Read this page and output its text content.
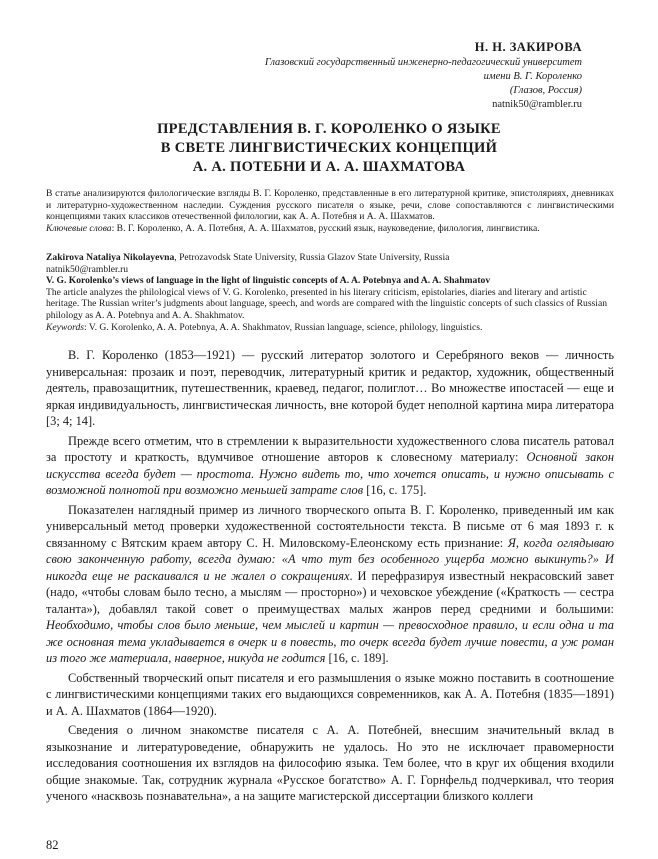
Н. Н. ЗАКИРОВА
Глазовский государственный инженерно-педагогический университет
имени В. Г. Короленко
(Глазов, Россия)
natnik50@rambler.ru
ПРЕДСТАВЛЕНИЯ В. Г. КОРОЛЕНКО О ЯЗЫКЕ
В СВЕТЕ ЛИНГВИСТИЧЕСКИХ КОНЦЕПЦИЙ
А. А. ПОТЕБНИ И А. А. ШАХМАТОВА
В статье анализируются филологические взгляды В. Г. Короленко, представленные в его литературной критике, эпистоляриях, дневниках и литературно-художественном наследии. Суждения русского писателя о языке, речи, слове сопоставляются с лингвистическими концепциями таких классиков отечественной филологии, как А. А. Потебня и А. А. Шахматов.
Ключевые слова: В. Г. Короленко, А. А. Потебня, А. А. Шахматов, русский язык, науковедение, филология, лингвистика.
Zakirova Nataliya Nikolayevna, Petrozavodsk State University, Russia Glazov State University, Russia
natnik50@rambler.ru
V. G. Korolenko’s views of language in the light of linguistic concepts of A. A. Potebnya and A. A. Shahmatov
The article analyzes the philological views of V. G. Korolenko, presented in his literary criticism, epistolaries, diaries and literary and artistic heritage. The Russian writer’s judgments about language, speech, and words are compared with the linguistic concepts of such classics of Russian philology as A. A. Potebnya and A. A. Shakhmatov.
Keywords: V. G. Korolenko, A. A. Potebnya, A. A. Shakhmatov, Russian language, science, philology, linguistics.

В. Г. Короленко (1853—1921) — русский литератор золотого и Серебряного веков — личность универсальная: прозаик и поэт, переводчик, литературный критик и редактор, художник, общественный деятель, правозащитник, путешественник, краевед, педагог, полиглот… Во множестве ипостасей — еще и яркая индивидуальность, лингвистическая личность, вне которой будет неполной картина мира литератора [3; 4; 14].

Прежде всего отметим, что в стремлении к выразительности художественного слова писатель ратовал за простоту и краткость, вдумчивое отношение авторов к словесному материалу: Основной закон искусства всегда будет — простота. Нужно видеть то, что хочется описать, и нужно описывать с возможной полнотой при возможно меньшей затрате слов [16, с. 175].

Показателен наглядный пример из личного творческого опыта В. Г. Короленко, приведенный им как универсальный метод проверки художественной состоятельности текста. В письме от 6 мая 1893 г. к связанному с Вятским краем автору С. Н. Миловскому-Елеонскому есть признание: Я, когда оглядываю свою законченную работу, всегда думаю: «А что тут без особенного ущерба можно выкинуть?» И никогда еще не раскаивался и не жалел о сокращениях. И перефразируя известный некрасовский завет (надо, «чтобы словам было тесно, а мыслям — просторно») и чеховское убеждение («Краткость — сестра таланта»), добавлял такой совет о преимуществах малых жанров перед средними и большими: Необходимо, чтобы слов было меньше, чем мыслей и картин — превосходное правило, и если одна и та же основная тема укладывается в очерк и в повесть, то очерк всегда будет лучше повести, а уж роман из того же материала, наверное, никуда не годится [16, с. 189].

Собственный творческий опыт писателя и его размышления о языке можно поставить в соотношение с лингвистическими концепциями таких его выдающихся современников, как А. А. Потебня (1835—1891) и А. А. Шахматов (1864—1920).

Сведения о личном знакомстве писателя с А. А. Потебней, внесшим значительный вклад в языкознание и литературоведение, обнаружить не удалось. Но это не исключает правомерности исследования соотношения их взглядов на философию языка. Тем более, что в круг их общения входили общие знакомые. Так, сотрудник журнала «Русское богатство» А. Г. Горнфельд подчеркивал, что теория ученого «насквозь познавательна», а на защите магистерской диссертации близкого коллеги

82
